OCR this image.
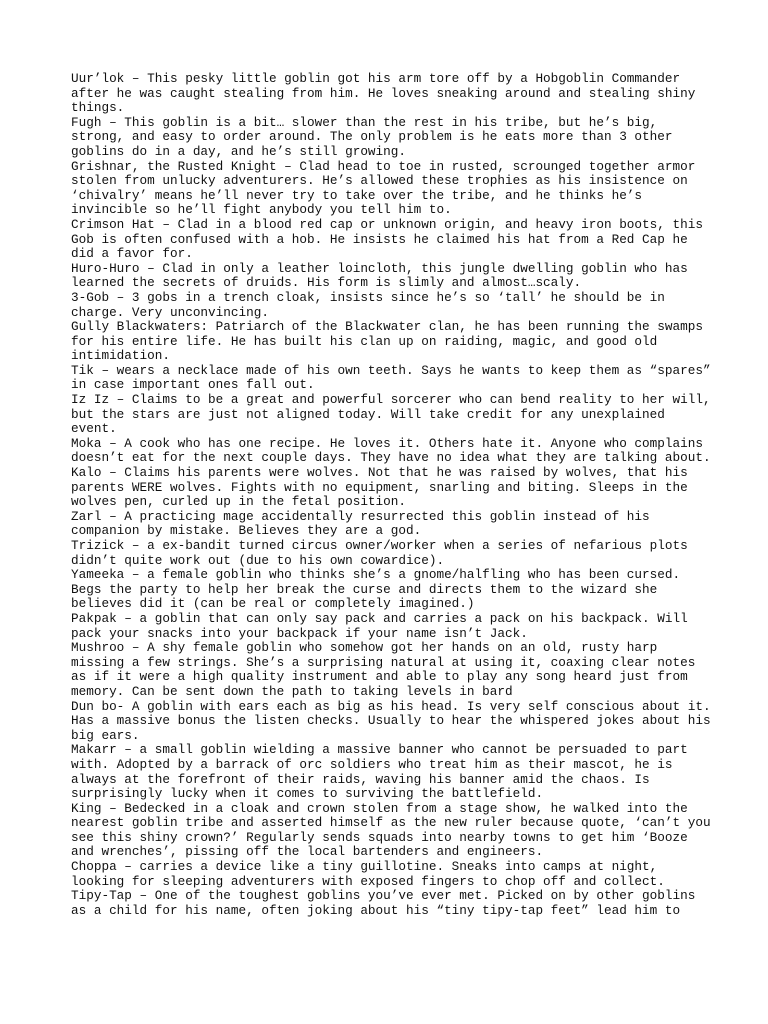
Uur’lok – This pesky little goblin got his arm tore off by a Hobgoblin Commander after he was caught stealing from him. He loves sneaking around and stealing shiny things.

Fugh – This goblin is a bit… slower than the rest in his tribe, but he’s big, strong, and easy to order around. The only problem is he eats more than 3 other goblins do in a day, and he’s still growing.

Grishnar, the Rusted Knight – Clad head to toe in rusted, scrounged together armor stolen from unlucky adventurers. He’s allowed these trophies as his insistence on ‘chivalry’ means he’ll never try to take over the tribe, and he thinks he’s invincible so he’ll fight anybody you tell him to.

Crimson Hat – Clad in a blood red cap or unknown origin, and heavy iron boots, this Gob is often confused with a hob. He insists he claimed his hat from a Red Cap he did a favor for.

Huro-Huro – Clad in only a leather loincloth, this jungle dwelling goblin who has learned the secrets of druids. His form is slimly and almost…scaly.

3-Gob – 3 gobs in a trench cloak, insists since he’s so ‘tall’ he should be in charge. Very unconvincing.

Gully Blackwaters: Patriarch of the Blackwater clan, he has been running the swamps for his entire life. He has built his clan up on raiding, magic, and good old intimidation.

Tik – wears a necklace made of his own teeth. Says he wants to keep them as “spares” in case important ones fall out.

Iz Iz – Claims to be a great and powerful sorcerer who can bend reality to her will, but the stars are just not aligned today. Will take credit for any unexplained event.

Moka – A cook who has one recipe. He loves it. Others hate it. Anyone who complains doesn’t eat for the next couple days. They have no idea what they are talking about.

Kalo – Claims his parents were wolves. Not that he was raised by wolves, that his parents WERE wolves. Fights with no equipment, snarling and biting. Sleeps in the wolves pen, curled up in the fetal position.

Zarl – A practicing mage accidentally resurrected this goblin instead of his companion by mistake. Believes they are a god.

Trizick – a ex-bandit turned circus owner/worker when a series of nefarious plots didn’t quite work out (due to his own cowardice).

Yameeka – a female goblin who thinks she’s a gnome/halfling who has been cursed. Begs the party to help her break the curse and directs them to the wizard she believes did it (can be real or completely imagined.)

Pakpak – a goblin that can only say pack and carries a pack on his backpack. Will pack your snacks into your backpack if your name isn’t Jack.

Mushroo – A shy female goblin who somehow got her hands on an old, rusty harp missing a few strings. She’s a surprising natural at using it, coaxing clear notes as if it were a high quality instrument and able to play any song heard just from memory. Can be sent down the path to taking levels in bard

Dun bo- A goblin with ears each as big as his head. Is very self conscious about it. Has a massive bonus the listen checks. Usually to hear the whispered jokes about his big ears.

Makarr – a small goblin wielding a massive banner who cannot be persuaded to part with. Adopted by a barrack of orc soldiers who treat him as their mascot, he is always at the forefront of their raids, waving his banner amid the chaos. Is surprisingly lucky when it comes to surviving the battlefield.

King – Bedecked in a cloak and crown stolen from a stage show, he walked into the nearest goblin tribe and asserted himself as the new ruler because quote, ‘can’t you see this shiny crown?’ Regularly sends squads into nearby towns to get him ‘Booze and wrenches’, pissing off the local bartenders and engineers.

Choppa – carries a device like a tiny guillotine. Sneaks into camps at night, looking for sleeping adventurers with exposed fingers to chop off and collect.

Tipy-Tap – One of the toughest goblins you’ve ever met. Picked on by other goblins as a child for his name, often joking about his “tiny tipy-tap feet” lead him to
